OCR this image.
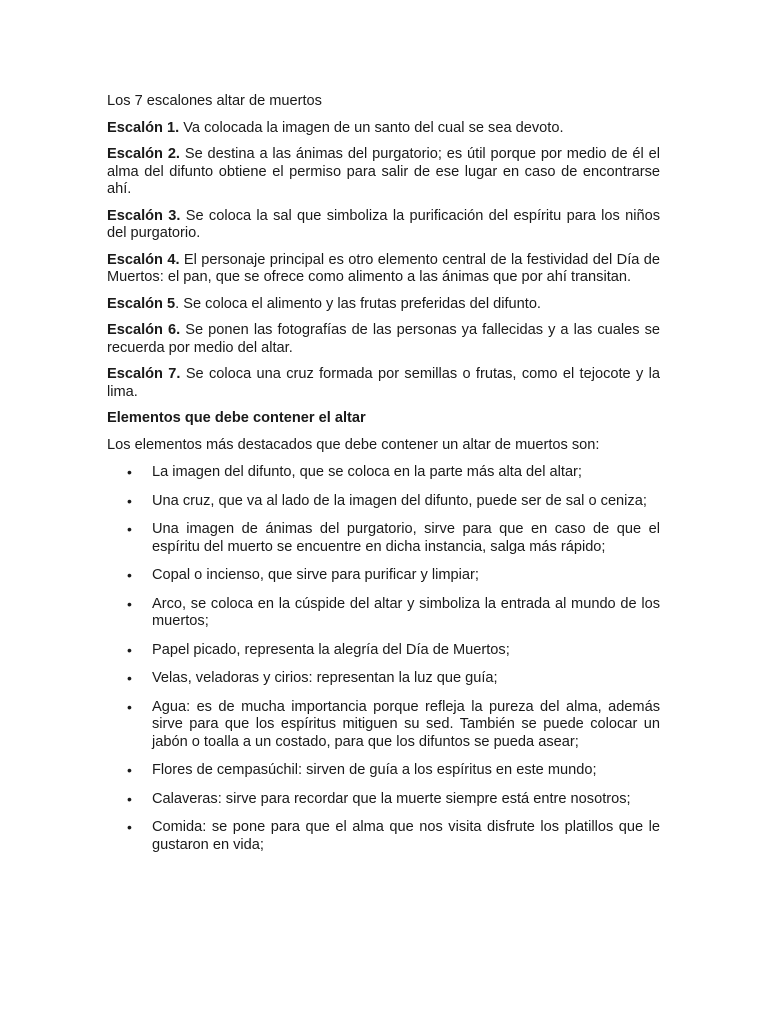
Los 7 escalones altar de muertos

Escalón 1. Va colocada la imagen de un santo del cual se sea devoto.

Escalón 2. Se destina a las ánimas del purgatorio; es útil porque por medio de él el alma del difunto obtiene el permiso para salir de ese lugar en caso de encontrarse ahí.

Escalón 3. Se coloca la sal que simboliza la purificación del espíritu para los niños del purgatorio.

Escalón 4. El personaje principal es otro elemento central de la festividad del Día de Muertos: el pan, que se ofrece como alimento a las ánimas que por ahí transitan.

Escalón 5. Se coloca el alimento y las frutas preferidas del difunto.

Escalón 6. Se ponen las fotografías de las personas ya fallecidas y a las cuales se recuerda por medio del altar.

Escalón 7. Se coloca una cruz formada por semillas o frutas, como el tejocote y la lima.

Elementos que debe contener el altar

Los elementos más destacados que debe contener un altar de muertos son:

• La imagen del difunto, que se coloca en la parte más alta del altar;
• Una cruz, que va al lado de la imagen del difunto, puede ser de sal o ceniza;
• Una imagen de ánimas del purgatorio, sirve para que en caso de que el espíritu del muerto se encuentre en dicha instancia, salga más rápido;
• Copal o incienso, que sirve para purificar y limpiar;
• Arco, se coloca en la cúspide del altar y simboliza la entrada al mundo de los muertos;
• Papel picado, representa la alegría del Día de Muertos;
• Velas, veladoras y cirios: representan la luz que guía;
• Agua: es de mucha importancia porque refleja la pureza del alma, además sirve para que los espíritus mitiguen su sed. También se puede colocar un jabón o toalla a un costado, para que los difuntos se pueda asear;
• Flores de cempasúchil: sirven de guía a los espíritus en este mundo;
• Calaveras: sirve para recordar que la muerte siempre está entre nosotros;
• Comida: se pone para que el alma que nos visita disfrute los platillos que le gustaron en vida;
